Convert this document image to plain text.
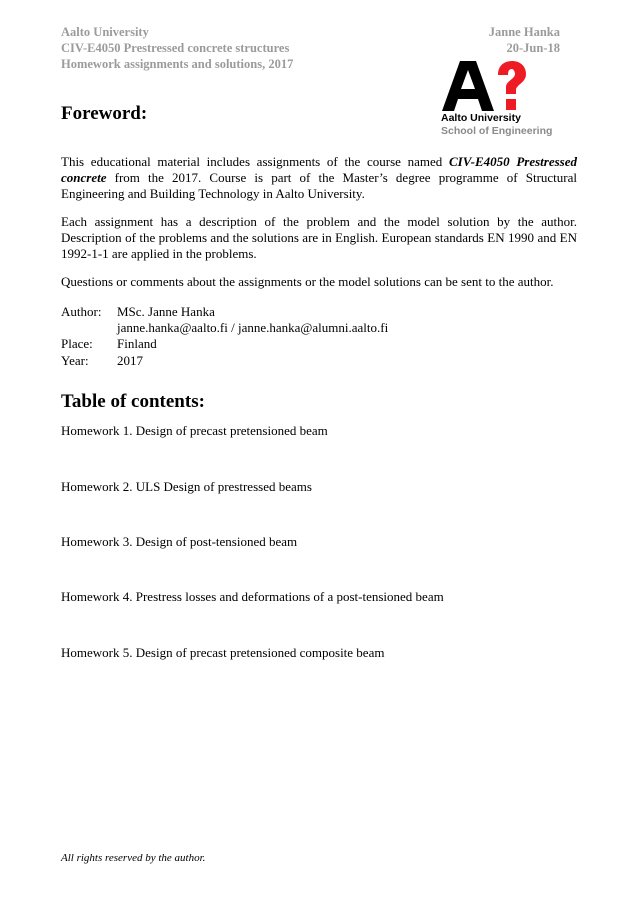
Aalto University
CIV-E4050 Prestressed concrete structures
Homework assignments and solutions, 2017
Janne Hanka
20-Jun-18
Aalto University
School of Engineering
Foreword:
This educational material includes assignments of the course named CIV-E4050 Prestressed concrete from the 2017. Course is part of the Master’s degree programme of Structural Engineering and Building Technology in Aalto University.
Each assignment has a description of the problem and the model solution by the author. Description of the problems and the solutions are in English. European standards EN 1990 and EN 1992-1-1 are applied in the problems.
Questions or comments about the assignments or the model solutions can be sent to the author.
Author:	MSc. Janne Hanka
janne.hanka@aalto.fi / janne.hanka@alumni.aalto.fi
Place:	Finland
Year:	2017
Table of contents:
Homework 1. Design of precast pretensioned beam
Homework 2. ULS Design of prestressed beams
Homework 3. Design of post-tensioned beam
Homework 4. Prestress losses and deformations of a post-tensioned beam
Homework 5. Design of precast pretensioned composite beam
All rights reserved by the author.
